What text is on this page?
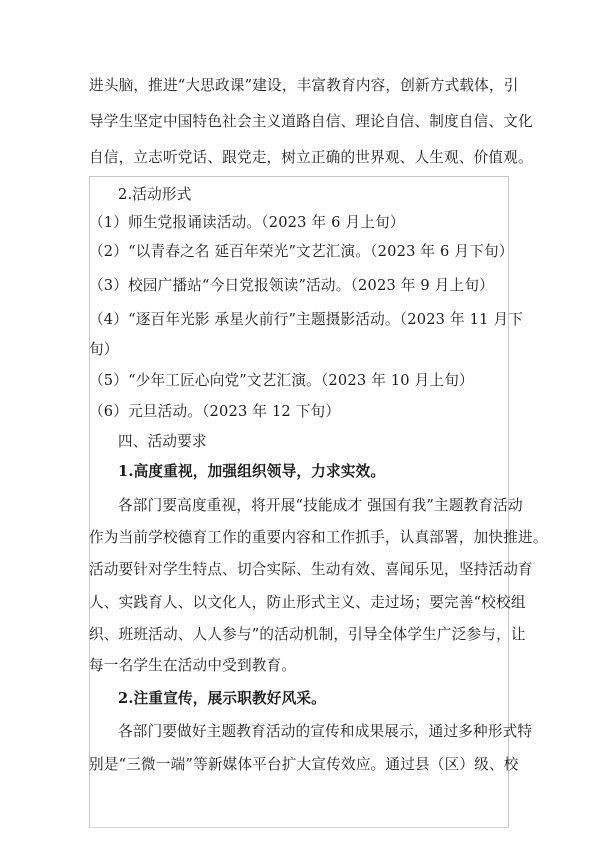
进头脑，推进“大思政课”建设，丰富教育内容，创新方式载体，引
导学生坚定中国特色社会主义道路自信、理论自信、制度自信、文化
自信，立志听党话、跟党走，树立正确的世界观、人生观、价值观。
2.活动形式
（1）师生党报诵读活动。（2023 年 6 月上旬）
（2）“以青春之名 延百年荣光”文艺汇演。（2023 年 6 月下旬）
（3）校园广播站“今日党报领读”活动。（2023 年 9 月上旬）
（4）“逐百年光影 承星火前行”主题摄影活动。（2023 年 11 月下
旬）
（5）“少年工匠心向党”文艺汇演。（2023 年 10 月上旬）
（6）元旦活动。（2023 年 12 下旬）
四、活动要求
1.高度重视，加强组织领导，力求实效。
各部门要高度重视，将开展“技能成才 强国有我”主题教育活动
作为当前学校德育工作的重要内容和工作抓手，认真部署，加快推进。
活动要针对学生特点、切合实际、生动有效、喜闻乐见，坚持活动育
人、实践育人、以文化人，防止形式主义、走过场；要完善“校校组
织、班班活动、人人参与”的活动机制，引导全体学生广泛参与，让
每一名学生在活动中受到教育。
2.注重宣传，展示职教好风采。
各部门要做好主题教育活动的宣传和成果展示，通过多种形式特
别是“三微一端”等新媒体平台扩大宣传效应。通过县（区）级、校
